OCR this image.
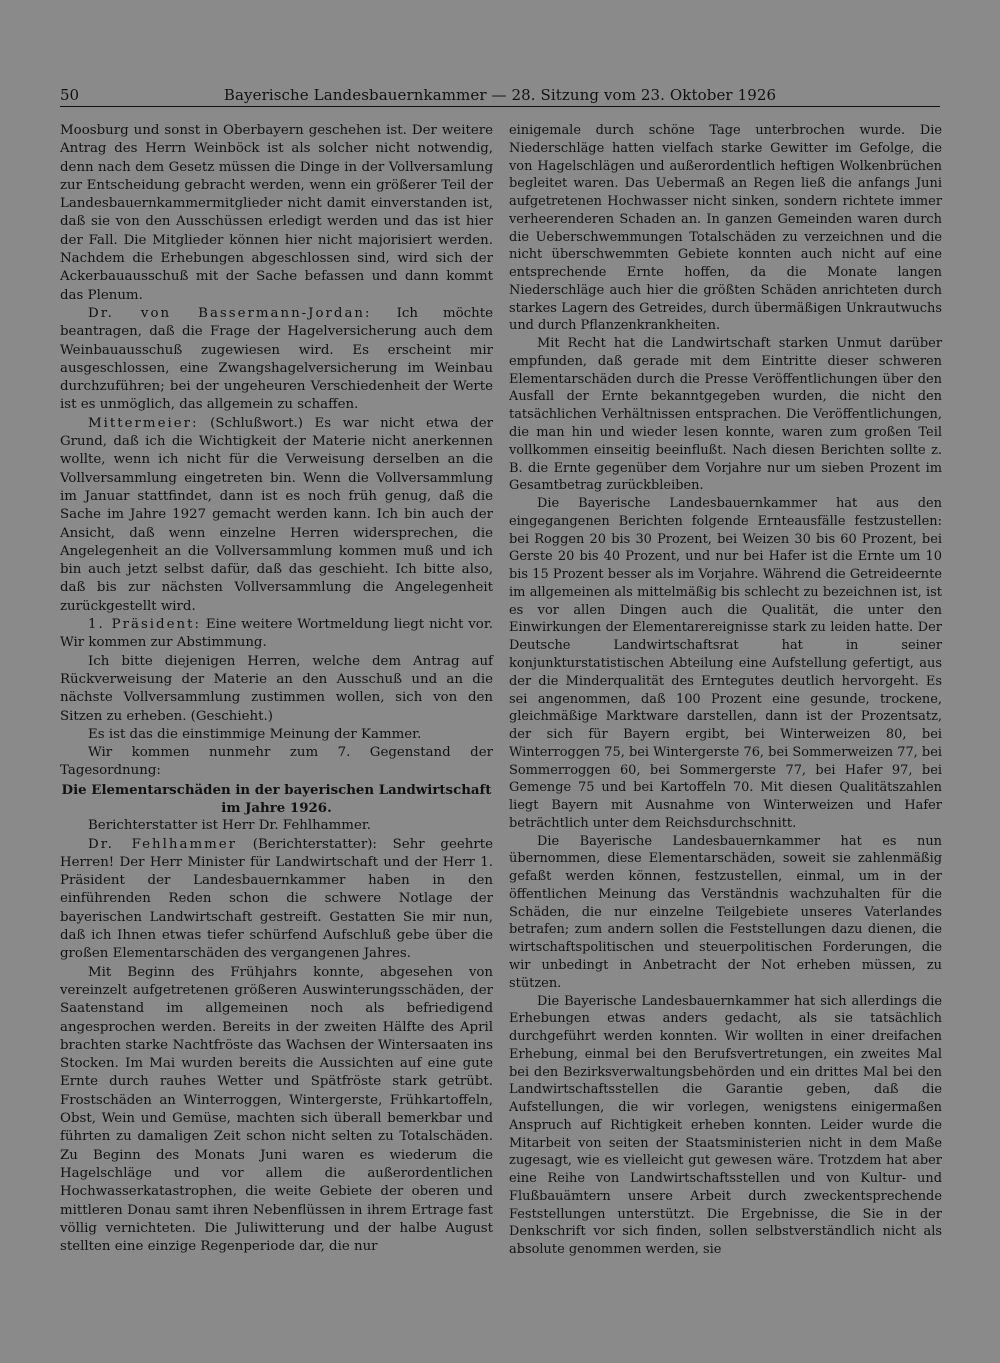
50	Bayerische Landesbauernkammer — 28. Sitzung vom 23. Oktober 1926

Moosburg und sonst in Oberbayern geschehen ist. Der weitere Antrag des Herrn Weinböck ist als solcher nicht notwendig, denn nach dem Gesetz müssen die Dinge in der Vollversamlung zur Entscheidung gebracht werden, wenn ein größerer Teil der Landesbauernkammermitglieder nicht damit einverstanden ist, daß sie von den Ausschüssen erledigt werden und das ist hier der Fall. Die Mitglieder können hier nicht majorisiert werden. Nachdem die Erhebungen abgeschlossen sind, wird sich der Ackerbauausschuß mit der Sache befassen und dann kommt das Plenum.

Dr. von Bassermann-Jordan: Ich möchte beantragen, daß die Frage der Hagelversicherung auch dem Weinbauausschuß zugewiesen wird. Es erscheint mir ausgeschlossen, eine Zwangshagelversicherung im Weinbau durchzuführen; bei der ungeheuren Verschiedenheit der Werte ist es unmöglich, das allgemein zu schaffen.

Mittermeier: (Schlußwort.) Es war nicht etwa der Grund, daß ich die Wichtigkeit der Materie nicht anerkennen wollte, wenn ich nicht für die Verweisung derselben an die Vollversammlung eingetreten bin. Wenn die Vollversammlung im Januar stattfindet, dann ist es noch früh genug, daß die Sache im Jahre 1927 gemacht werden kann. Ich bin auch der Ansicht, daß wenn einzelne Herren widersprechen, die Angelegenheit an die Vollversammlung kommen muß und ich bin auch jetzt selbst dafür, daß das geschieht. Ich bitte also, daß bis zur nächsten Vollversammlung die Angelegenheit zurückgestellt wird.

1. Präsident: Eine weitere Wortmeldung liegt nicht vor. Wir kommen zur Abstimmung.

Ich bitte diejenigen Herren, welche dem Antrag auf Rückverweisung der Materie an den Ausschuß und an die nächste Vollversammlung zustimmen wollen, sich von den Sitzen zu erheben. (Geschieht.)

Es ist das die einstimmige Meinung der Kammer.

Wir kommen nunmehr zum 7. Gegenstand der Tagesordnung:

Die Elementarschäden in der bayerischen Landwirtschaft im Jahre 1926.

Berichterstatter ist Herr Dr. Fehlhammer.

Dr. Fehlhammer (Berichterstatter): Sehr geehrte Herren! Der Herr Minister für Landwirtschaft und der Herr 1. Präsident der Landesbauernkammer haben in den einführenden Reden schon die schwere Notlage der bayerischen Landwirtschaft gestreift. Gestatten Sie mir nun, daß ich Ihnen etwas tiefer schürfend Aufschluß gebe über die großen Elementarschäden des vergangenen Jahres.

Mit Beginn des Frühjahrs konnte, abgesehen von vereinzelt aufgetretenen größeren Auswinterungsschäden, der Saatenstand im allgemeinen noch als befriedigend angesprochen werden. Bereits in der zweiten Hälfte des April brachten starke Nachtfröste das Wachsen der Wintersaaten ins Stocken. Im Mai wurden bereits die Aussichten auf eine gute Ernte durch rauhes Wetter und Spätfröste stark getrübt. Frostschäden an Winterroggen, Wintergerste, Frühkartoffeln, Obst, Wein und Gemüse, machten sich überall bemerkbar und führten zu damaligen Zeit schon nicht selten zu Totalschäden. Zu Beginn des Monats Juni waren es wiederum die Hagelschläge und vor allem die außerordentlichen Hochwasserkatastrophen, die weite Gebiete der oberen und mittleren Donau samt ihren Nebenflüssen in ihrem Ertrage fast völlig vernichteten. Die Juliwitterung und der halbe August stellten eine einzige Regenperiode dar, die nur

einigemale durch schöne Tage unterbrochen wurde. Die Niederschläge hatten vielfach starke Gewitter im Gefolge, die von Hagelschlägen und außerordentlich heftigen Wolkenbrüchen begleitet waren. Das Uebermaß an Regen ließ die anfangs Juni aufgetretenen Hochwasser nicht sinken, sondern richtete immer verheerenderen Schaden an. In ganzen Gemeinden waren durch die Ueberschwemmungen Totalschäden zu verzeichnen und die nicht überschwemmten Gebiete konnten auch nicht auf eine entsprechende Ernte hoffen, da die Monate langen Niederschläge auch hier die größten Schäden anrichteten durch starkes Lagern des Getreides, durch übermäßigen Unkrautwuchs und durch Pflanzenkrankheiten.

Mit Recht hat die Landwirtschaft starken Unmut darüber empfunden, daß gerade mit dem Eintritte dieser schweren Elementarschäden durch die Presse Veröffentlichungen über den Ausfall der Ernte bekanntgegeben wurden, die nicht den tatsächlichen Verhältnissen entsprachen. Die Veröffentlichungen, die man hin und wieder lesen konnte, waren zum großen Teil vollkommen einseitig beeinflußt. Nach diesen Berichten sollte z. B. die Ernte gegenüber dem Vorjahre nur um sieben Prozent im Gesamtbetrag zurückbleiben.

Die Bayerische Landesbauernkammer hat aus den eingegangenen Berichten folgende Ernteausfälle festzustellen: bei Roggen 20 bis 30 Prozent, bei Weizen 30 bis 60 Prozent, bei Gerste 20 bis 40 Prozent, und nur bei Hafer ist die Ernte um 10 bis 15 Prozent besser als im Vorjahre. Während die Getreideernte im allgemeinen als mittelmäßig bis schlecht zu bezeichnen ist, ist es vor allen Dingen auch die Qualität, die unter den Einwirkungen der Elementarereignisse stark zu leiden hatte. Der Deutsche Landwirtschaftsrat hat in seiner konjunkturstatistischen Abteilung eine Aufstellung gefertigt, aus der die Minderqualität des Erntegutes deutlich hervorgeht. Es sei angenommen, daß 100 Prozent eine gesunde, trockene, gleichmäßige Marktware darstellen, dann ist der Prozentsatz, der sich für Bayern ergibt, bei Winterweizen 80, bei Winterroggen 75, bei Wintergerste 76, bei Sommerweizen 77, bei Sommerroggen 60, bei Sommergerste 77, bei Hafer 97, bei Gemenge 75 und bei Kartoffeln 70. Mit diesen Qualitätszahlen liegt Bayern mit Ausnahme von Winterweizen und Hafer beträchtlich unter dem Reichsdurchschnitt.

Die Bayerische Landesbauernkammer hat es nun übernommen, diese Elementarschäden, soweit sie zahlenmäßig gefaßt werden können, festzustellen, einmal, um in der öffentlichen Meinung das Verständnis wachzuhalten für die Schäden, die nur einzelne Teilgebiete unseres Vaterlandes betrafen; zum andern sollen die Feststellungen dazu dienen, die wirtschaftspolitischen und steuerpolitischen Forderungen, die wir unbedingt in Anbetracht der Not erheben müssen, zu stützen.

Die Bayerische Landesbauernkammer hat sich allerdings die Erhebungen etwas anders gedacht, als sie tatsächlich durchgeführt werden konnten. Wir wollten in einer dreifachen Erhebung, einmal bei den Berufsvertretungen, ein zweites Mal bei den Bezirksverwaltungsbehörden und ein drittes Mal bei den Landwirtschaftsstellen die Garantie geben, daß die Aufstellungen, die wir vorlegen, wenigstens einigermaßen Anspruch auf Richtigkeit erheben konnten. Leider wurde die Mitarbeit von seiten der Staatsministerien nicht in dem Maße zugesagt, wie es vielleicht gut gewesen wäre. Trotzdem hat aber eine Reihe von Landwirtschaftsstellen und von Kultur- und Flußbauämtern unsere Arbeit durch zweckentsprechende Feststellungen unterstützt. Die Ergebnisse, die Sie in der Denkschrift vor sich finden, sollen selbstverständlich nicht als absolute genommen werden, sie
